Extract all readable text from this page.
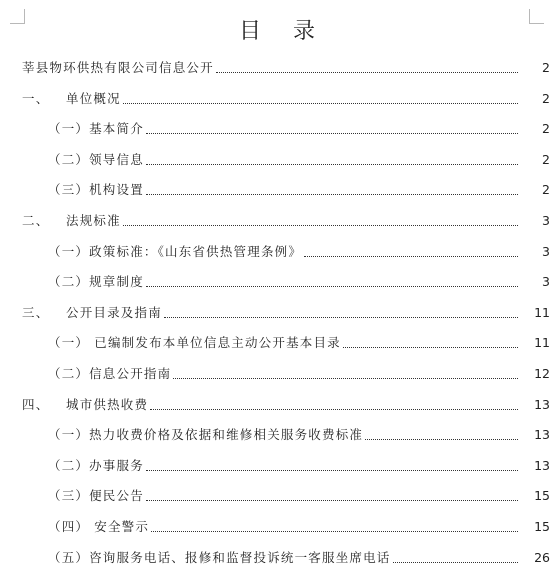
目录
莘县物环供热有限公司信息公开	2
一、 单位概况	2
（一）基本简介	2
（二）领导信息	2
（三）机构设置	2
二、 法规标准	3
（一）政策标准：《山东省供热管理条例》	3
（二）规章制度	3
三、 公开目录及指南	11
（一） 已编制发布本单位信息主动公开基本目录	11
（二）信息公开指南	12
四、 城市供热收费	13
（一）热力收费价格及依据和维修相关服务收费标准	13
（二）办事服务	13
（三）便民公告	15
（四） 安全警示	15
（五）咨询服务电话、报修和监督投诉统一客服坐席电话	26
